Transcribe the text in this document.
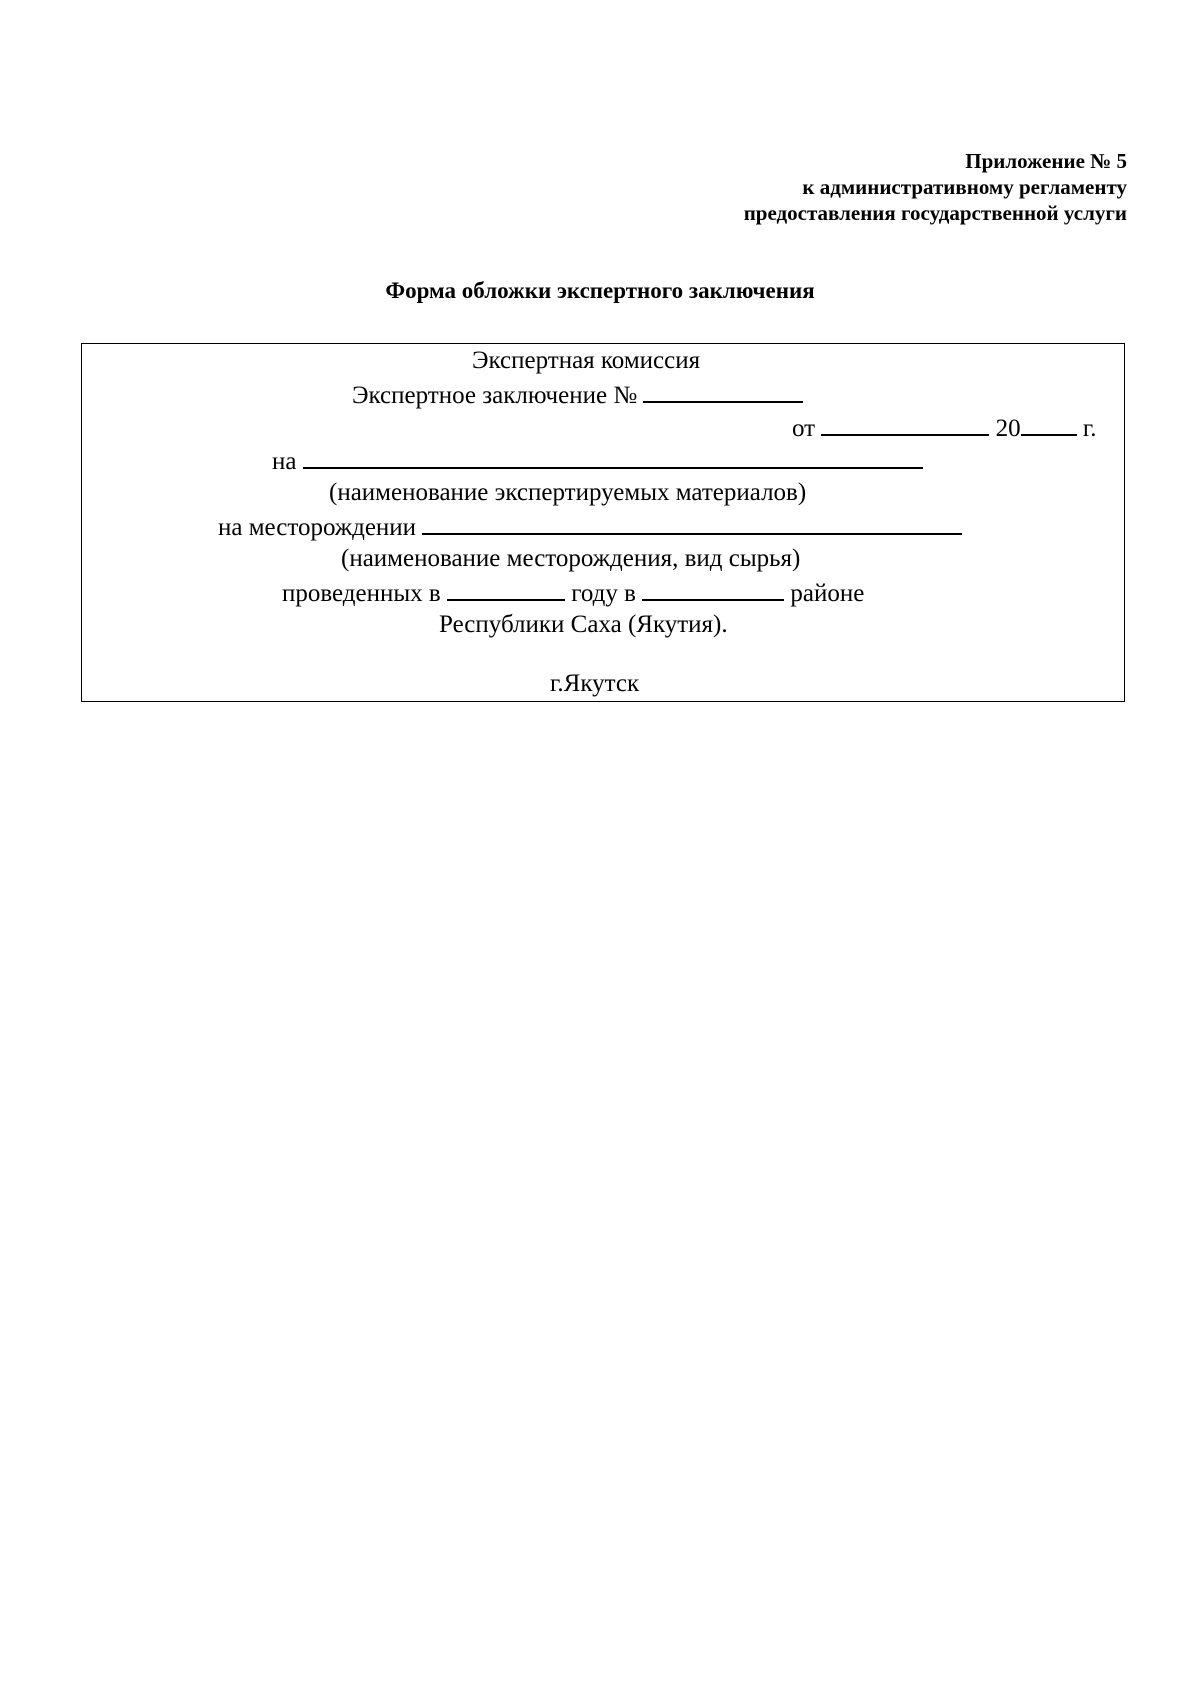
Приложение № 5
к административному регламенту
предоставления государственной услуги
Форма обложки экспертного заключения
Экспертная комиссия
Экспертное заключение №
от	20 г.
на
(наименование экспертируемых материалов)
на месторождении
(наименование месторождения, вид сырья)
проведенных в	году в	районе
Республики Саха (Якутия).
г.Якутск
